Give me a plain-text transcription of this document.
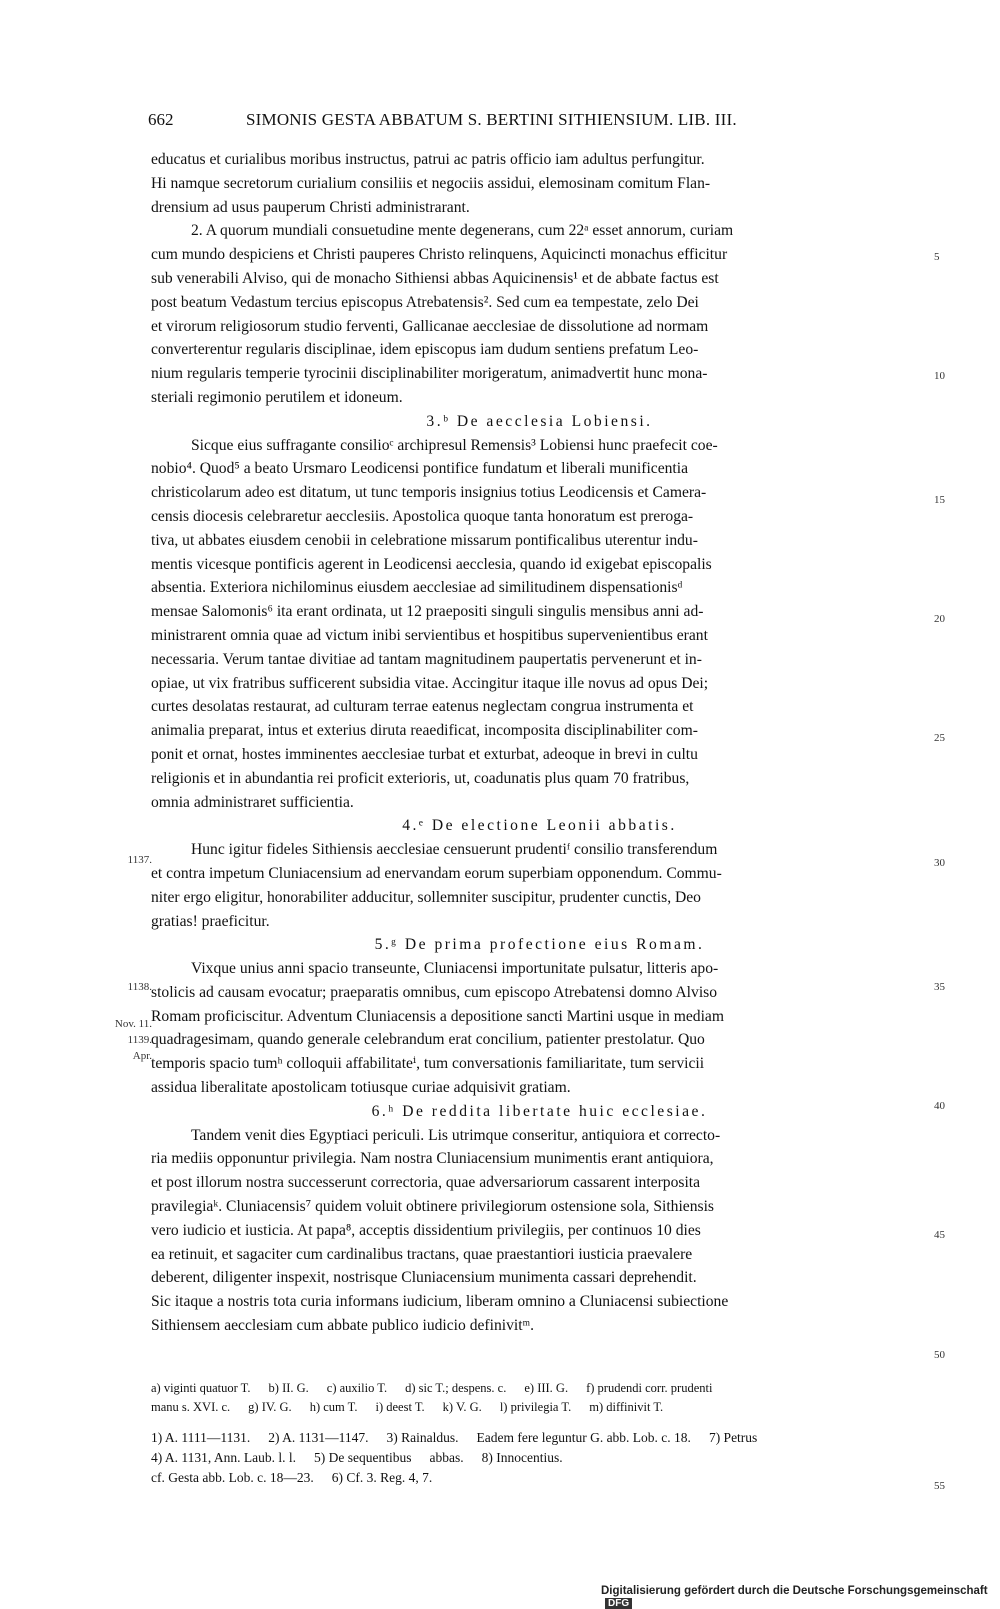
662	SIMONIS GESTA ABBATUM S. BERTINI SITHIENSIUM. LIB. III.
educatus et curialibus moribus instructus, patrui ac patris officio iam adultus perfungitur.
Hi namque secretorum curialium consiliis et negociis assidui, elemosinam comitum Flan-
drensium ad usus pauperum Christi administrarant.
2. A quorum mundiali consuetudine mente degenerans, cum 22ᵃ esset annorum, curiam
cum mundo despiciens et Christi pauperes Christo relinquens, Aquicincti monachus efficitur
sub venerabili Alviso, qui de monacho Sithiensi abbas Aquicinensis¹ et de abbate factus est
post beatum Vedastum tercius episcopus Atrebatensis². Sed cum ea tempestate, zelo Dei
et virorum religiosorum studio ferventi, Gallicanae aecclesiae de dissolutione ad normam
converterentur regularis disciplinae, idem episcopus iam dudum sentiens prefatum Leo-
nium regularis temperie tyrocinii disciplinabiliter morigeratum, animadvertit hunc mona-
steriali regimonio perutilem et idoneum.
3.ᵇ De aecclesia Lobiensi.
Sicque eius suffragante consilioᶜ archipresul Remensis³ Lobiensi hunc praefecit coe-
nobio⁴. Quod⁵ a beato Ursmaro Leodicensi pontifice fundatum et liberali munificentia
christicolarum adeo est ditatum, ut tunc temporis insignius totius Leodicensis et Camera-
censis diocesis celebraretur aecclesiis. Apostolica quoque tanta honoratum est preroga-
tiva, ut abbates eiusdem cenobii in celebratione missarum pontificalibus uterentur indu-
mentis vicesque pontificis agerent in Leodicensi aecclesia, quando id exigebat episcopalis
absentia. Exteriora nichilominus eiusdem aecclesiae ad similitudinem dispensationisᵈ
mensae Salomonis⁶ ita erant ordinata, ut 12 praepositi singuli singulis mensibus anni ad-
ministrarent omnia quae ad victum inibi servientibus et hospitibus supervenientibus erant
necessaria. Verum tantae divitiae ad tantam magnitudinem paupertatis pervenerunt et in-
opiae, ut vix fratribus sufficerent subsidia vitae. Accingitur itaque ille novus ad opus Dei;
curtes desolatas restaurat, ad culturam terrae eatenus neglectam congrua instrumenta et
animalia preparat, intus et exterius diruta reaedificat, incomposita disciplinabiliter com-
ponit et ornat, hostes imminentes aecclesiae turbat et exturbat, adeoque in brevi in cultu
religionis et in abundantia rei proficit exterioris, ut, coadunatis plus quam 70 fratribus,
omnia administraret sufficientia.
4.ᵉ De electione Leonii abbatis.
Hunc igitur fideles Sithiensis aecclesiae censuerunt prudentiᶠ consilio transferendum
et contra impetum Cluniacensium ad enervandam eorum superbiam opponendum. Commu-
niter ergo eligitur, honorabiliter adducitur, sollemniter suscipitur, prudenter cunctis, Deo
gratias! praeficitur.
5.ᵍ De prima profectione eius Romam.
Vixque unius anni spacio transeunte, Cluniacensi importunitate pulsatur, litteris apo-
stolicis ad causam evocatur; praeparatis omnibus, cum episcopo Atrebatensi domno Alviso
Romam proficiscitur. Adventum Cluniacensis a depositione sancti Martini usque in mediam
quadragesimam, quando generale celebrandum erat concilium, patienter prestolatur. Quo
temporis spacio tumʰ colloquii affabilitateⁱ, tum conversationis familiaritate, tum servicii
assidua liberalitate apostolicam totiusque curiae adquisivit gratiam.
6.ʰ De reddita libertate huic ecclesiae.
Tandem venit dies Egyptiaci periculi. Lis utrimque conseritur, antiquiora et correcto-
ria mediis opponuntur privilegia. Nam nostra Cluniacensium munimentis erant antiquiora,
et post illorum nostra successerunt correctoria, quae adversariorum cassarent interposita
pravilegiaᵏ. Cluniacensis⁷ quidem voluit obtinere privilegiorum ostensione sola, Sithiensis
vero iudicio et iusticia. At papa⁸, acceptis dissidentium privilegiis, per continuos 10 dies
ea retinuit, et sagaciter cum cardinalibus tractans, quae praestantiori iusticia praevalere
deberent, diligenter inspexit, nostrisque Cluniacensium munimenta cassari deprehendit.
Sic itaque a nostris tota curia informans iudicium, liberam omnino a Cluniacensi subiectione
Sithiensem aecclesiam cum abbate publico iudicio definivitᵐ.
5
10
15
20
25
30
35
40
45
50
55
1137.
1138.
Nov. 11.
1139.
Apr.
a) viginti quatuor T. b) II. G. c) auxilio T. d) sic T.; despens. c. e) III. G. f) prudendi corr. prudenti
manu s. XVI. c. g) IV. G. h) cum T. i) deest T. k) V. G. l) privilegia T. m) diffinivit T.
1) A. 1111—1131. 2) A. 1131—1147. 3) Rainaldus. Eadem fere leguntur G. abb. Lob. c. 18. 7) Petrus
4) A. 1131, Ann. Laub. l. l. 5) De sequentibus abbas. 8) Innocentius.
cf. Gesta abb. Lob. c. 18—23. 6) Cf. 3. Reg. 4, 7.
Digitalisierung gefördert durch die Deutsche Forschungsgemeinschaft DFG
